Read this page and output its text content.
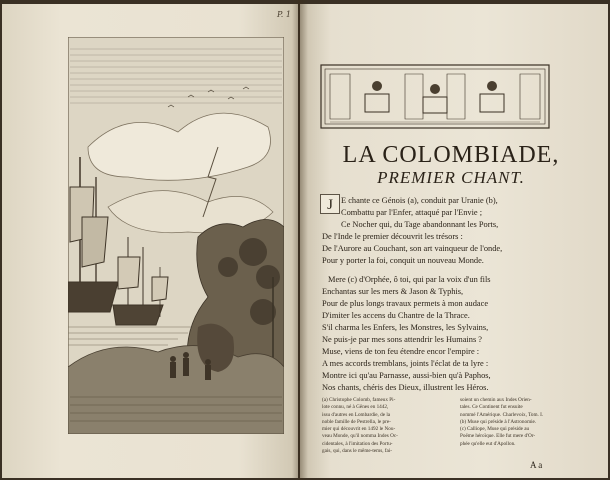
P. 1
LA COLOMBIADE,
PREMIER CHANT.
J E chante ce Génois (a), conduit par Uranie (b),
Combattu par l'Enfer, attaqué par l'Envie ;
Ce Nocher qui, du Tage abandonnant les Ports,
De l'Inde le premier découvrit les trésors :
De l'Aurore au Couchant, son art vainqueur de l'onde,
Pour y porter la foi, conquit un nouveau Monde.
Mere (c) d'Orphée, ô toi, qui par la voix d'un fils
Enchantas sur les mers & Jason & Typhis,
Pour de plus longs travaux permets à mon audace
D'imiter les accens du Chantre de la Thrace.
S'il charma les Enfers, les Monstres, les Sylvains,
Ne puis-je par mes sons attendrir les Humains ?
Muse, viens de ton feu étendre encor l'empire :
A mes accords tremblans, joints l'éclat de ta lyre :
Montre ici qu'au Parnasse, aussi-bien qu'à Paphos,
Nos chants, chéris des Dieux, illustrent les Héros.
(a) Christophe Colomb, fameux Pi-
lote connu, né à Gênes en 1442,
issu d'autres en Lombardie, de la
noble famille de Pestrella, le pre-
mier qui découvrit en 1492 le Nou-
veau Monde, qu'il nomma Indes Oc-
cidentales, à l'imitation des Portu-
gais, qui, dans le même-tems, fai-
soient un chemin aux Indes Orien-
tales. Ce Continent fut ensuite
nommé l'Amérique. Charlevoix, Tom. I.
(b) Muse qui préside à l'Astronomie.
(c) Calliope, Muse qui préside au
Poëme héroïque. Elle fut mere d'Or-
phée qu'elle eut d'Apollon.
A a
